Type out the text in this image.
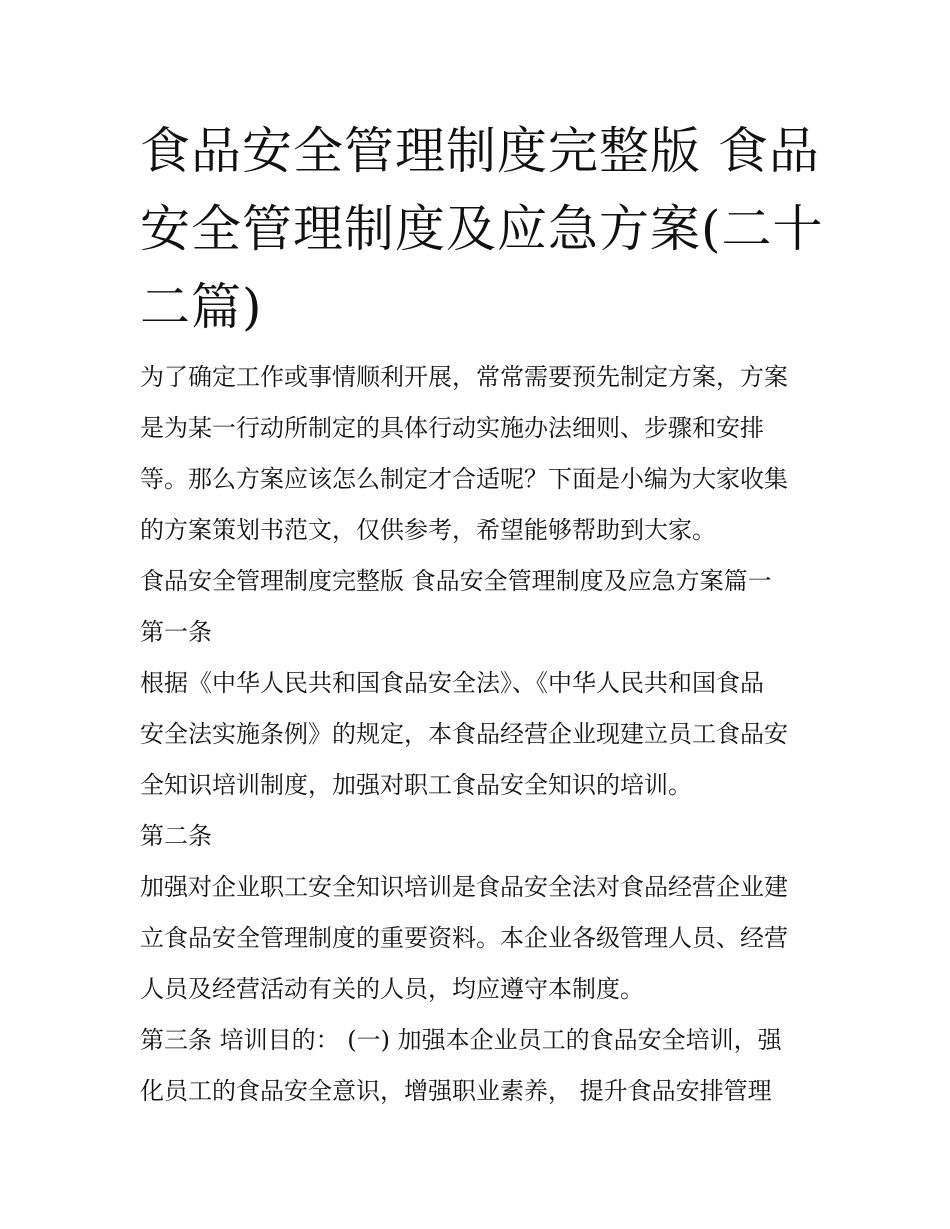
食品安全管理制度完整版 食品
安全管理制度及应急方案(二十
二篇)
为了确定工作或事情顺利开展，常常需要预先制定方案，方案
是为某一行动所制定的具体行动实施办法细则、步骤和安排
等。那么方案应该怎么制定才合适呢？下面是小编为大家收集
的方案策划书范文，仅供参考，希望能够帮助到大家。
食品安全管理制度完整版 食品安全管理制度及应急方案篇一
第一条
根据《中华人民共和国食品安全法》、《中华人民共和国食品
安全法实施条例》的规定，本食品经营企业现建立员工食品安
全知识培训制度，加强对职工食品安全知识的培训。
第二条
加强对企业职工安全知识培训是食品安全法对食品经营企业建
立食品安全管理制度的重要资料。本企业各级管理人员、经营
人员及经营活动有关的人员，均应遵守本制度。
第三条 培训目的： (一) 加强本企业员工的食品安全培训，强
化员工的食品安全意识，增强职业素养， 提升食品安排管理
